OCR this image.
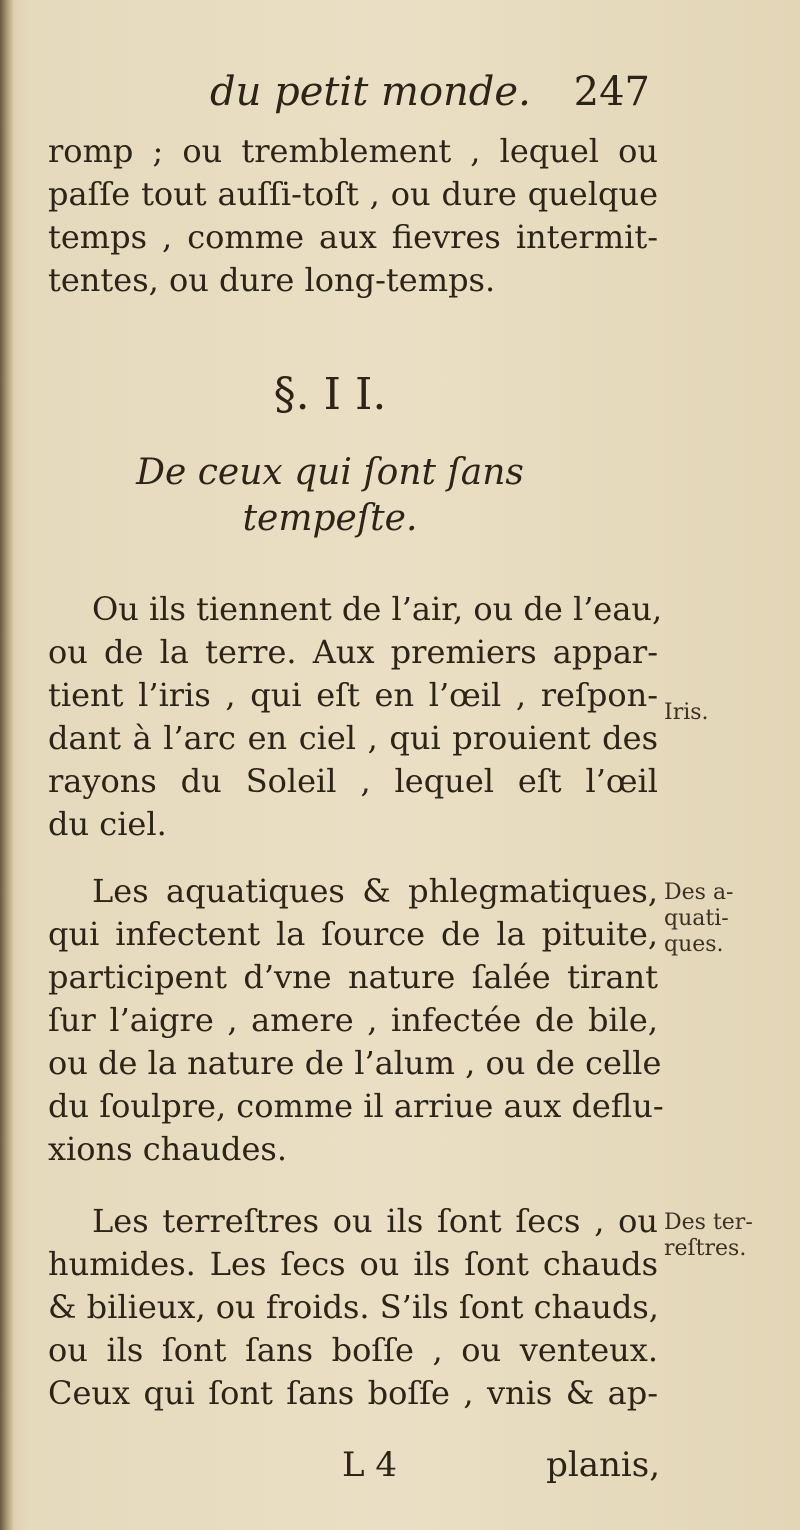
du petit monde. 247
romp ; ou tremblement , lequel ou
paſſe tout auſſi-toſt , ou dure quelque
temps , comme aux fievres intermit-
tentes, ou dure long-temps.
§. I I.
De ceux qui ſont ſans
tempeſte.
Ou ils tiennent de l’air, ou de l’eau,
ou de la terre. Aux premiers appar-
tient l’iris , qui eſt en l’œil , reſpon-
dant à l’arc en ciel , qui prouient des
rayons du Soleil , lequel eſt l’œil
du ciel.
Les aquatiques & phlegmatiques,
qui infectent la ſource de la pituite,
participent d’vne nature ſalée tirant
ſur l’aigre , amere , infectée de bile,
ou de la nature de l’alum , ou de celle
du ſoulpre, comme il arriue aux deflu-
xions chaudes.
Les terreſtres ou ils ſont ſecs , ou
humides. Les ſecs ou ils ſont chauds
& bilieux, ou froids. S’ils ſont chauds,
ou ils ſont ſans boſſe , ou venteux.
Ceux qui ſont ſans boſſe , vnis & ap-
Iris.
Des a-
quati-
ques.
Des ter-
reſtres.
L 4	planis,
